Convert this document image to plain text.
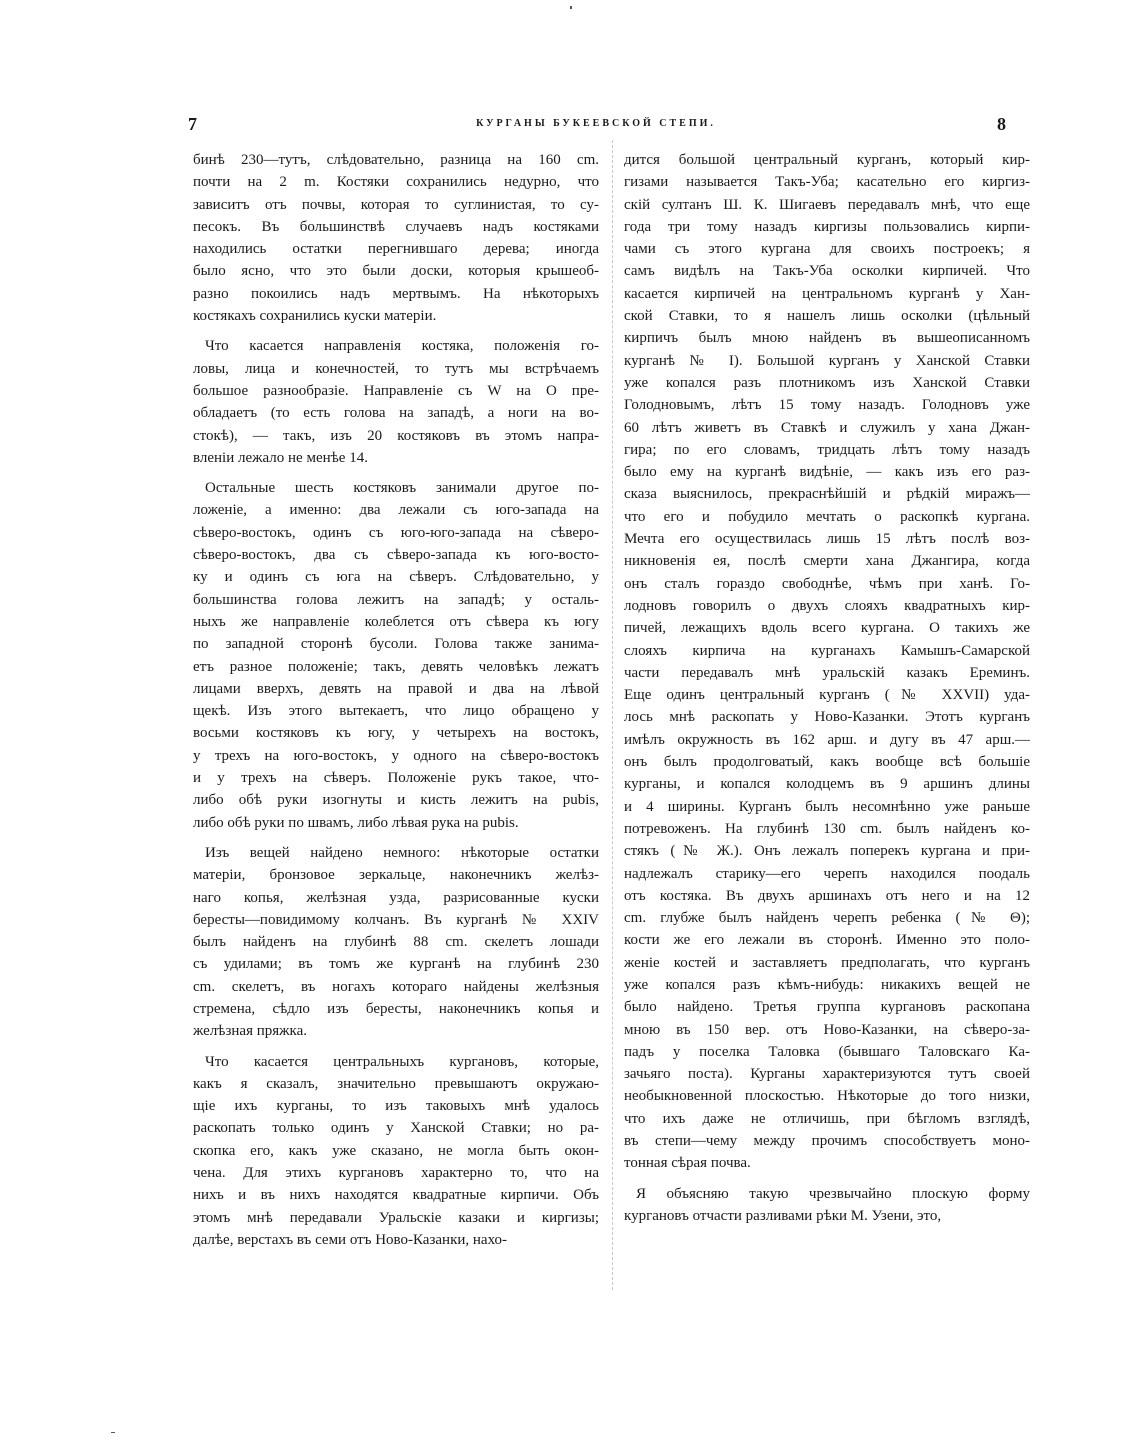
7	КУРГАНЫ БУКЕЕВСКОЙ СТЕПИ.	8
бинѣ 230—тутъ, слѣдовательно, разница на 160 cm.
почти на 2 m. Костяки сохранились недурно, что
зависитъ отъ почвы, которая то суглинистая, то су-
песокъ. Въ большинствѣ случаевъ надъ костяками
находились остатки перегнившаго дерева; иногда
было ясно, что это были доски, которыя крышеоб-
разно покоились надъ мертвымъ. На нѣкоторыхъ
костякахъ сохранились куски матеріи.
Что касается направленія костяка, положенія го-
ловы, лица и конечностей, то тутъ мы встрѣчаемъ
большое разнообразіе. Направленіе съ W на O пре-
обладаетъ (то есть голова на западѣ, а ноги на во-
стокѣ), — такъ, изъ 20 костяковъ въ этомъ напра-
вленіи лежало не менѣе 14.
Остальные шесть костяковъ занимали другое по-
ложеніе, а именно: два лежали съ юго-запада на
сѣверо-востокъ, одинъ съ юго-юго-запада на сѣверо-
сѣверо-востокъ, два съ сѣверо-запада къ юго-восто-
ку и одинъ съ юга на сѣверъ. Слѣдовательно, у
большинства голова лежитъ на западѣ; у осталь-
ныхъ же направленіе колеблется отъ сѣвера къ югу
по западной сторонѣ бусоли. Голова также занима-
етъ разное положеніе; такъ, девять человѣкъ лежатъ
лицами вверхъ, девять на правой и два на лѣвой
щекѣ. Изъ этого вытекаетъ, что лицо обращено у
восьми костяковъ къ югу, у четырехъ на востокъ,
у трехъ на юго-востокъ, у одного на сѣверо-востокъ
и у трехъ на сѣверъ. Положеніе рукъ такое, что-
либо обѣ руки изогнуты и кисть лежитъ на pubis,
либо обѣ руки по швамъ, либо лѣвая рука на pubis.
Изъ вещей найдено немного: нѣкоторые остатки
матеріи, бронзовое зеркальце, наконечникъ желѣз-
наго копья, желѣзная узда, разрисованные куски
бересты—повидимому колчанъ. Въ курганѣ № XXIV
былъ найденъ на глубинѣ 88 cm. скелетъ лошади
съ удилами; въ томъ же курганѣ на глубинѣ 230
cm. скелетъ, въ ногахъ котораго найдены желѣзныя
стремена, сѣдло изъ бересты, наконечникъ копья и
желѣзная пряжка.
Что касается центральныхъ кургановъ, которые,
какъ я сказалъ, значительно превышаютъ окружаю-
щіе ихъ курганы, то изъ таковыхъ мнѣ удалось
раскопать только одинъ у Ханской Ставки; но ра-
скопка его, какъ уже сказано, не могла быть окон-
чена. Для этихъ кургановъ характерно то, что на
нихъ и въ нихъ находятся квадратные кирпичи. Объ
этомъ мнѣ передавали Уральскіе казаки и киргизы;
далѣе, верстахъ въ семи отъ Ново-Казанки, нахо-
дится большой центральный курганъ, который кир-
гизами называется Такъ-Уба; касательно его киргиз-
скій султанъ Ш. К. Шигаевъ передавалъ мнѣ, что еще
года три тому назадъ киргизы пользовались кирпи-
чами съ этого кургана для своихъ построекъ; я
самъ видѣлъ на Такъ-Уба осколки кирпичей. Что
касается кирпичей на центральномъ курганѣ у Хан-
ской Ставки, то я нашелъ лишь осколки (цѣльный
кирпичъ былъ мною найденъ въ вышеописанномъ
курганѣ № I). Большой курганъ у Ханской Ставки
уже копался разъ плотникомъ изъ Ханской Ставки
Голодновымъ, лѣтъ 15 тому назадъ. Голодновъ уже
60 лѣтъ живетъ въ Ставкѣ и служилъ у хана Джан-
гира; по его словамъ, тридцать лѣтъ тому назадъ
было ему на курганѣ видѣніе, — какъ изъ его раз-
сказа выяснилось, прекраснѣйшій и рѣдкій миражъ—
что его и побудило мечтать о раскопкѣ кургана.
Мечта его осуществилась лишь 15 лѣтъ послѣ воз-
никновенія ея, послѣ смерти хана Джангира, когда
онъ сталъ гораздо свободнѣе, чѣмъ при ханѣ. Го-
лодновъ говорилъ о двухъ слояхъ квадратныхъ кир-
пичей, лежащихъ вдоль всего кургана. О такихъ же
слояхъ кирпича на курганахъ Камышъ-Самарской
части передавалъ мнѣ уральскій казакъ Ереминъ.
Еще одинъ центральный курганъ (№ XXVII) уда-
лось мнѣ раскопать у Ново-Казанки. Этотъ курганъ
имѣлъ окружность въ 162 арш. и дугу въ 47 арш.—
онъ былъ продолговатый, какъ вообще всѣ большіе
курганы, и копался колодцемъ въ 9 аршинъ длины
и 4 ширины. Курганъ былъ несомнѣнно уже раньше
потревоженъ. На глубинѣ 130 cm. былъ найденъ ко-
стякъ (№ Ж.). Онъ лежалъ поперекъ кургана и при-
надлежалъ старику—его черепъ находился поодаль
отъ костяка. Въ двухъ аршинахъ отъ него и на 12
cm. глубже былъ найденъ черепъ ребенка (№ Θ);
кости же его лежали въ сторонѣ. Именно это поло-
женіе костей и заставляетъ предполагать, что курганъ
уже копался разъ кѣмъ-нибудь: никакихъ вещей не
было найдено. Третья группа кургановъ раскопана
мною въ 150 вер. отъ Ново-Казанки, на сѣверо-за-
падъ у поселка Таловка (бывшаго Таловскаго Ка-
зачьяго поста). Курганы характеризуются тутъ своей
необыкновенной плоскостью. Нѣкоторые до того низки,
что ихъ даже не отличишь, при бѣгломъ взглядѣ,
въ степи—чему между прочимъ способствуетъ моно-
тонная сѣрая почва.
Я объясняю такую чрезвычайно плоскую форму
кургановъ отчасти разливами рѣки М. Узени, это,
